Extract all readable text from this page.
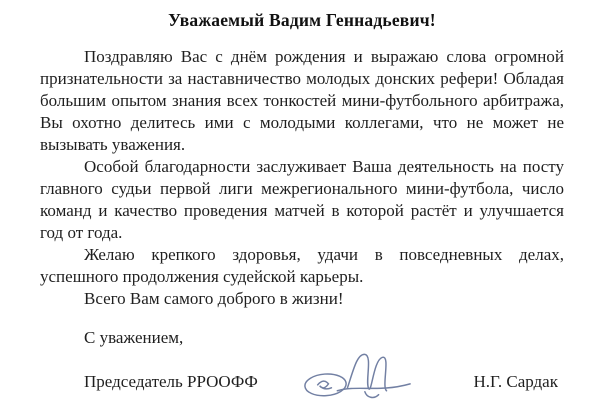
Уважаемый Вадим Геннадьевич!

Поздравляю Вас с днём рождения и выражаю слова огромной признательности за наставничество молодых донских рефери! Обладая большим опытом знания всех тонкостей мини-футбольного арбитража, Вы охотно делитесь ими с молодыми коллегами, что не может не вызывать уважения.

Особой благодарности заслуживает Ваша деятельность на посту главного судьи первой лиги межрегионального мини-футбола, число команд и качество проведения матчей в которой растёт и улучшается год от года.

Желаю крепкого здоровья, удачи в повседневных делах, успешного продолжения судейской карьеры.

Всего Вам самого доброго в жизни!

С уважением,
Председатель РРООФФ	Н.Г. Сардак
